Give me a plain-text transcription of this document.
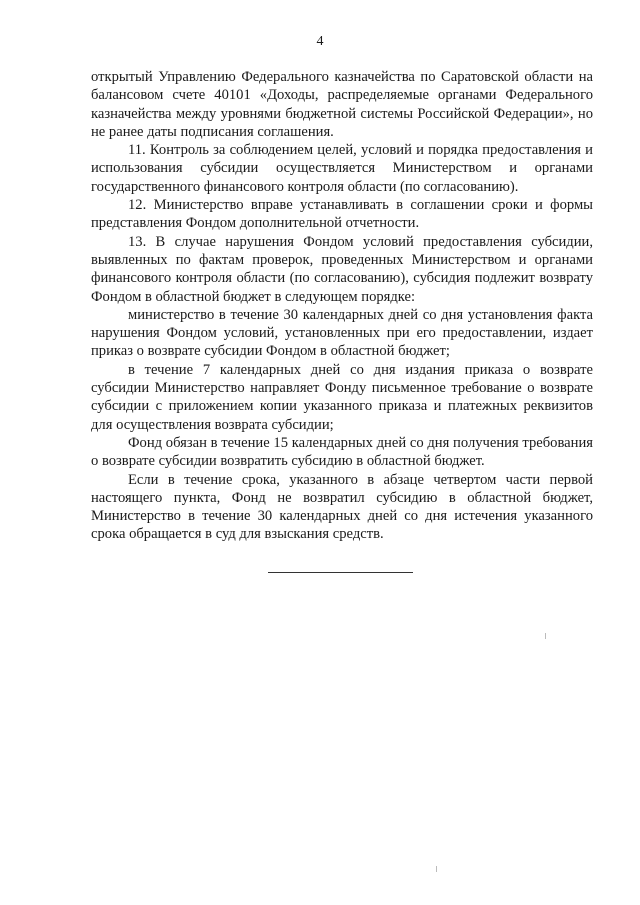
4

открытый Управлению Федерального казначейства по Саратовской области на балансовом счете 40101 «Доходы, распределяемые органами Федерального казначейства между уровнями бюджетной системы Российской Федерации», но не ранее даты подписания соглашения.

11. Контроль за соблюдением целей, условий и порядка предоставления и использования субсидии осуществляется Министерством и органами государственного финансового контроля области (по согласованию).

12. Министерство вправе устанавливать в соглашении сроки и формы представления Фондом дополнительной отчетности.

13. В случае нарушения Фондом условий предоставления субсидии, выявленных по фактам проверок, проведенных Министерством и органами финансового контроля области (по согласованию), субсидия подлежит возврату Фондом в областной бюджет в следующем порядке:

министерство в течение 30 календарных дней со дня установления факта нарушения Фондом условий, установленных при его предоставлении, издает приказ о возврате субсидии Фондом в областной бюджет;

в течение 7 календарных дней со дня издания приказа о возврате субсидии Министерство направляет Фонду письменное требование о возврате субсидии с приложением копии указанного приказа и платежных реквизитов для осуществления возврата субсидии;

Фонд обязан в течение 15 календарных дней со дня получения требования о возврате субсидии возвратить субсидию в областной бюджет.

Если в течение срока, указанного в абзаце четвертом части первой настоящего пункта, Фонд не возвратил субсидию в областной бюджет, Министерство в течение 30 календарных дней со дня истечения указанного срока обращается в суд для взыскания средств.
